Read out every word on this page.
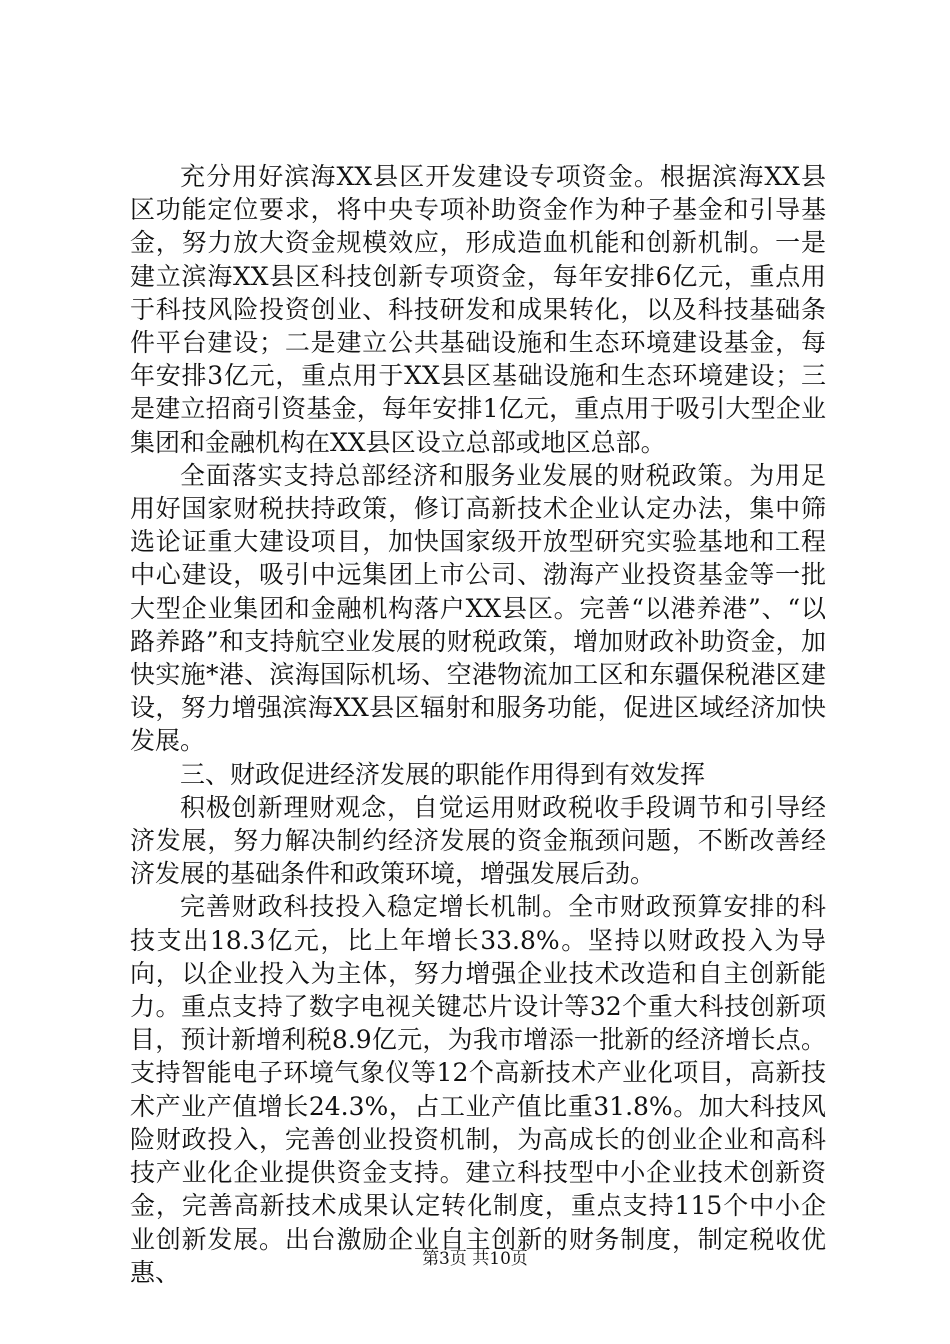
充分用好滨海XX县区开发建设专项资金。根据滨海XX县区功能定位要求，将中央专项补助资金作为种子基金和引导基金，努力放大资金规模效应，形成造血机能和创新机制。一是建立滨海XX县区科技创新专项资金，每年安排6亿元，重点用于科技风险投资创业、科技研发和成果转化，以及科技基础条件平台建设；二是建立公共基础设施和生态环境建设基金，每年安排3亿元，重点用于XX县区基础设施和生态环境建设；三是建立招商引资基金，每年安排1亿元，重点用于吸引大型企业集团和金融机构在XX县区设立总部或地区总部。

全面落实支持总部经济和服务业发展的财税政策。为用足用好国家财税扶持政策，修订高新技术企业认定办法，集中筛选论证重大建设项目，加快国家级开放型研究实验基地和工程中心建设，吸引中远集团上市公司、渤海产业投资基金等一批大型企业集团和金融机构落户XX县区。完善“以港养港”、“以路养路”和支持航空业发展的财税政策，增加财政补助资金，加快实施*港、滨海国际机场、空港物流加工区和东疆保税港区建设，努力增强滨海XX县区辐射和服务功能，促进区域经济加快发展。

三、财政促进经济发展的职能作用得到有效发挥

积极创新理财观念，自觉运用财政税收手段调节和引导经济发展，努力解决制约经济发展的资金瓶颈问题，不断改善经济发展的基础条件和政策环境，增强发展后劲。

完善财政科技投入稳定增长机制。全市财政预算安排的科技支出18.3亿元，比上年增长33.8%。坚持以财政投入为导向，以企业投入为主体，努力增强企业技术改造和自主创新能力。重点支持了数字电视关键芯片设计等32个重大科技创新项目，预计新增利税8.9亿元，为我市增添一批新的经济增长点。支持智能电子环境气象仪等12个高新技术产业化项目，高新技术产业产值增长24.3%，占工业产值比重31.8%。加大科技风险财政投入，完善创业投资机制，为高成长的创业企业和高科技产业化企业提供资金支持。建立科技型中小企业技术创新资金，完善高新技术成果认定转化制度，重点支持115个中小企业创新发展。出台激励企业自主创新的财务制度，制定税收优惠、	第3页 共10页
